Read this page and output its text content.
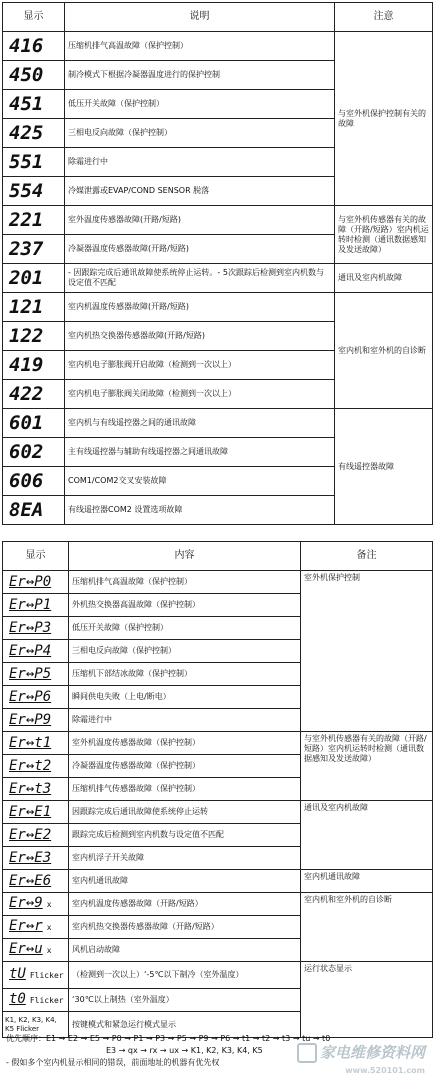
显示	说明	注意
416	压缩机排气高温故障（保护控制）	与室外机保护控制有关的故障
450	制冷模式下根据冷凝器温度进行的保护控制	
451	低压开关故障（保护控制）	
425	三相电反向故障（保护控制）	
551	除霜进行中	
554	冷媒泄露或EVAP/COND SENSOR 脱落	
221	室外温度传感器故障(开路/短路)	与室外机传感器有关的故障（开路/短路）室内机运转时检测（通讯数据感知及发送故障）
237	冷凝器温度传感器故障(开路/短路)	
201	- 因跟踪完成后通讯故障使系统停止运转。- 5次跟踪后检测到室内机数与设定值不匹配	通讯及室内机故障
121	室内机温度传感器故障(开路/短路)	室内机和室外机的自诊断
122	室内机热交换器传感器故障(开路/短路)	
419	室内机电子膨胀阀开启故障（检测到一次以上）	
422	室内机电子膨胀阀关闭故障（检测到一次以上）	
601	室内机与有线遥控器之间的通讯故障	有线遥控器故障
602	主有线遥控器与辅助有线遥控器之间通讯故障	
606	COM1/COM2交叉安装故障	
8EA	有线遥控器COM2 设置选项故障	
显示	内容	备注
Er↔P0	压缩机排气高温故障（保护控制）	室外机保护控制
Er↔P1	外机热交换器高温故障（保护控制）	
Er↔P3	低压开关故障（保护控制）	
Er↔P4	三相电反向故障（保护控制）	
Er↔P5	压缩机下部结冰故障（保护控制）	
Er↔P6	瞬间供电失败（上电/断电）	
Er↔P9	除霜进行中	
Er↔t1	室外机温度传感器故障（保护控制）	与室外机传感器有关的故障（开路/短路）室内机运转时检测（通讯数据感知及发送故障）
Er↔t2	冷凝器温度传感器故障（保护控制）	
Er↔t3	压缩机排气传感器故障（保护控制）	
Er↔E1	因跟踪完成后通讯故障使系统停止运转	通讯及室内机故障
Er↔E2	跟踪完成后检测到室内机数与设定值不匹配	
Er↔E3	室内机浮子开关故障	
Er↔E6	室内机通讯故障	室内机通讯故障
Er↔9 x	室内机温度传感器故障（开路/短路）	室内机和室外机的自诊断
Er↔r x	室内机热交换器传感器故障（开路/短路）	
Er↔u x	风机启动故障	
tU Flicker	（检测到一次以上）‘-5℃以下制冷（室外温度）	运行状态显示
t0 Flicker	‘30℃以上制热（室外温度）	
K1, K2, K3, K4, K5 Flicker	按键模式和紧急运行模式显示	
优先顺序：E1 → E2 → E5 → P0 → P1 → P3 → P5 → P9 → P6 → t1 → t2 → t3 → tu → t0

E3 → qx → rx → ux → K1, K2, K3, K4, K5
- 假如多个室内机显示相同的错误，前面地址的机器有优先权
家电维修资料网
www.520101.com
